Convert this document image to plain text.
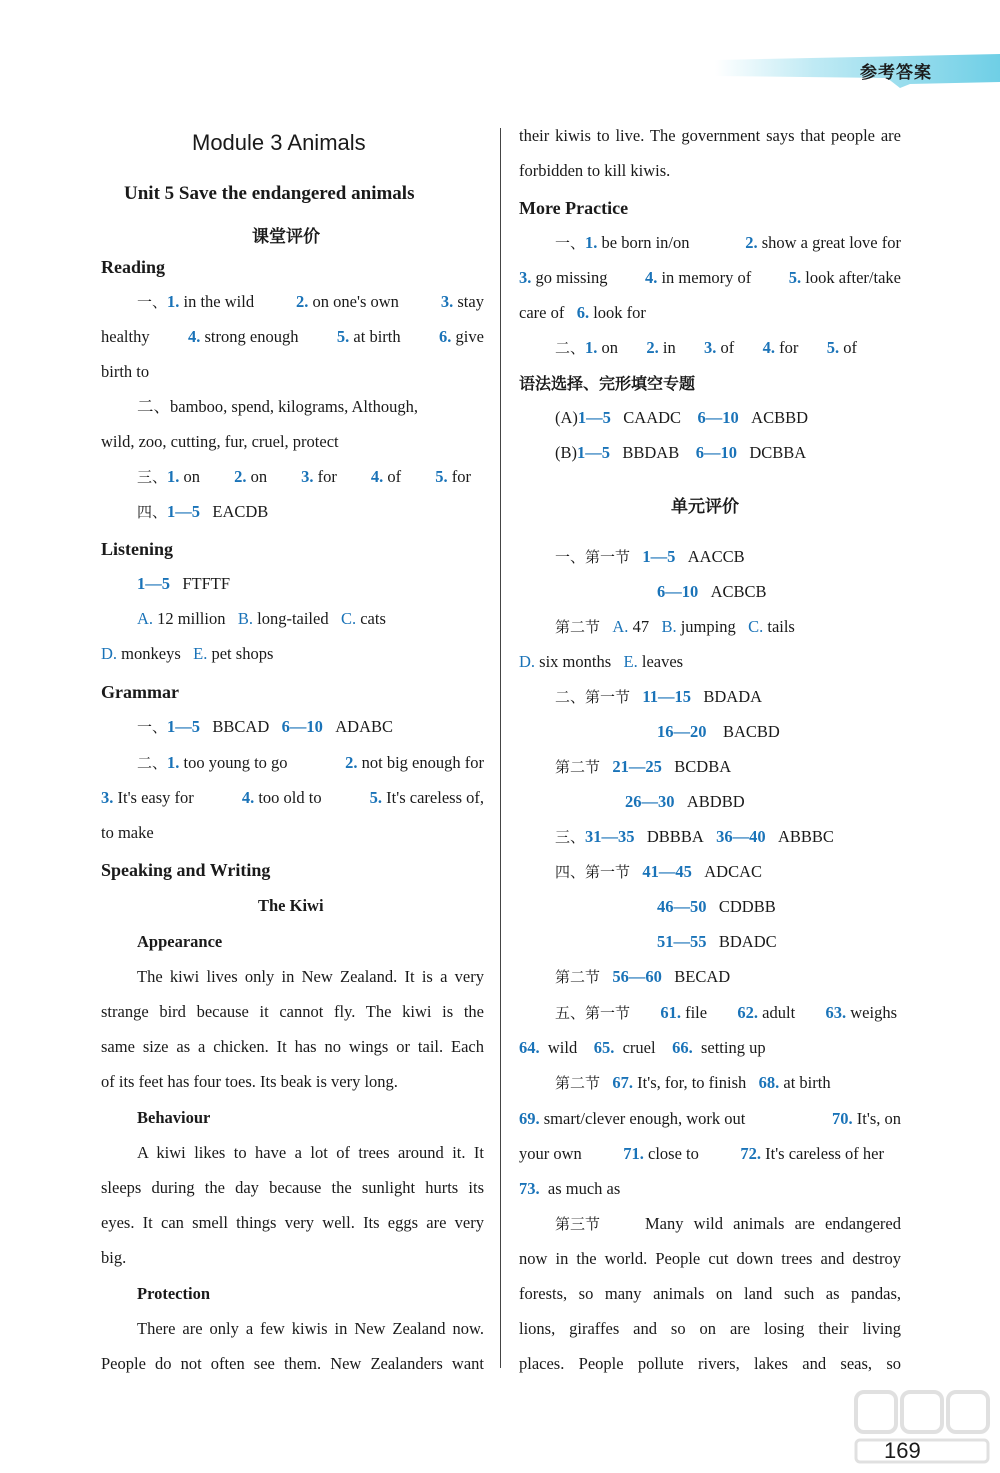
参考答案
Module 3 Animals
Unit 5 Save the endangered animals
课堂评价
Reading
一、1. in the wild	2. on one's own	3. stay
healthy 4. strong enough 5. at birth 6. give
birth to
二、bamboo, spend, kilograms, Although,
wild, zoo, cutting, fur, cruel, protect
三、1. on 2. on 3. for 4. of 5. for
四、1—5 EACDB
Listening
1—5 FTFTF
A. 12 million B. long-tailed C. cats
D. monkeys E. pet shops
Grammar
一、1—5 BBCAD 6—10 ADABC
二、1. too young to go	2. not big enough for
3. It's easy for	4. too old to	5. It's careless of,
to make
Speaking and Writing
The Kiwi
Appearance
The kiwi lives only in New Zealand. It is a very
strange bird because it cannot fly. The kiwi is the
same size as a chicken. It has no wings or tail. Each
of its feet has four toes. Its beak is very long.
Behaviour
A kiwi likes to have a lot of trees around it. It
sleeps during the day because the sunlight hurts its
eyes. It can smell things very well. Its eggs are very
big.
Protection
There are only a few kiwis in New Zealand now.
People do not often see them. New Zealanders want
their kiwis to live. The government says that people are
forbidden to kill kiwis.
More Practice
一、1. be born in/on	2. show a great love for
3. go missing 4. in memory of 5. look after/take
care of 6. look for
二、1. on 2. in 3. of 4. for 5. of
语法选择、完形填空专题
(A)1—5 CAADC 6—10 ACBBD
(B)1—5 BBDAB 6—10 DCBBA
单元评价
一、第一节 1—5 AACCB
6—10 ACBCB
第二节 A. 47 B. jumping C. tails
D. six months E. leaves
二、第一节 11—15 BDADA
16—20 BACBD
第二节 21—25 BCDBA
26—30 ABDBD
三、31—35 DBBBA 36—40 ABBBC
四、第一节 41—45 ADCAC
46—50 CDDBB
51—55 BDADC
第二节 56—60 BECAD
五、第一节 61. file 62. adult 63. weighs
64. wild 65. cruel 66. setting up
第二节 67. It's, for, to finish 68. at birth
69. smart/clever enough, work out	70. It's, on
your own	71. close to	72. It's careless of her
73. as much as
第三节	Many wild animals are endangered
now in the world. People cut down trees and destroy
forests, so many animals on land such as pandas,
lions, giraffes and so on are losing their living
places. People pollute rivers, lakes and seas, so
169
